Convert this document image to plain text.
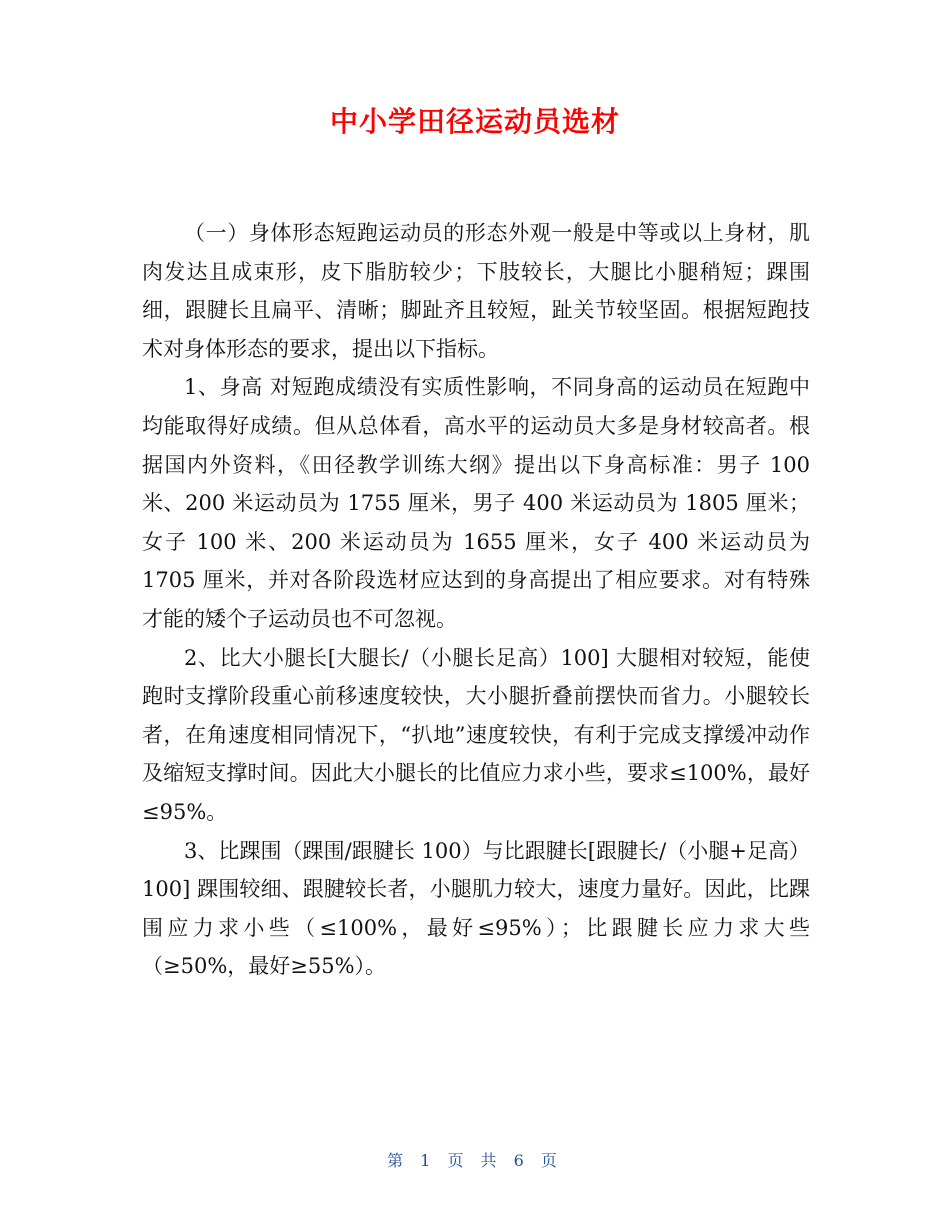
中小学田径运动员选材

（一）身体形态短跑运动员的形态外观一般是中等或以上身材，肌肉发达且成束形，皮下脂肪较少；下肢较长，大腿比小腿稍短；踝围细，跟腱长且扁平、清晰；脚趾齐且较短，趾关节较坚固。根据短跑技术对身体形态的要求，提出以下指标。

1、身高 对短跑成绩没有实质性影响，不同身高的运动员在短跑中均能取得好成绩。但从总体看，高水平的运动员大多是身材较高者。根据国内外资料，《田径教学训练大纲》提出以下身高标准：男子 100 米、200 米运动员为 1755 厘米，男子 400 米运动员为 1805 厘米；女子 100 米、200 米运动员为 1655 厘米，女子 400 米运动员为 1705 厘米，并对各阶段选材应达到的身高提出了相应要求。对有特殊才能的矮个子运动员也不可忽视。

2、比大小腿长[大腿长/（小腿长足高）100] 大腿相对较短，能使跑时支撑阶段重心前移速度较快，大小腿折叠前摆快而省力。小腿较长者，在角速度相同情况下，“扒地”速度较快，有利于完成支撑缓冲动作及缩短支撑时间。因此大小腿长的比值应力求小些，要求≤100%，最好≤95%。

3、比踝围（踝围/跟腱长 100）与比跟腱长[跟腱长/（小腿+足高）100] 踝围较细、跟腱较长者，小腿肌力较大，速度力量好。因此，比踝围应力求小些（≤100%，最好≤95%）；比跟腱长应力求大些（≥50%，最好≥55%）。

第 1 页 共 6 页
